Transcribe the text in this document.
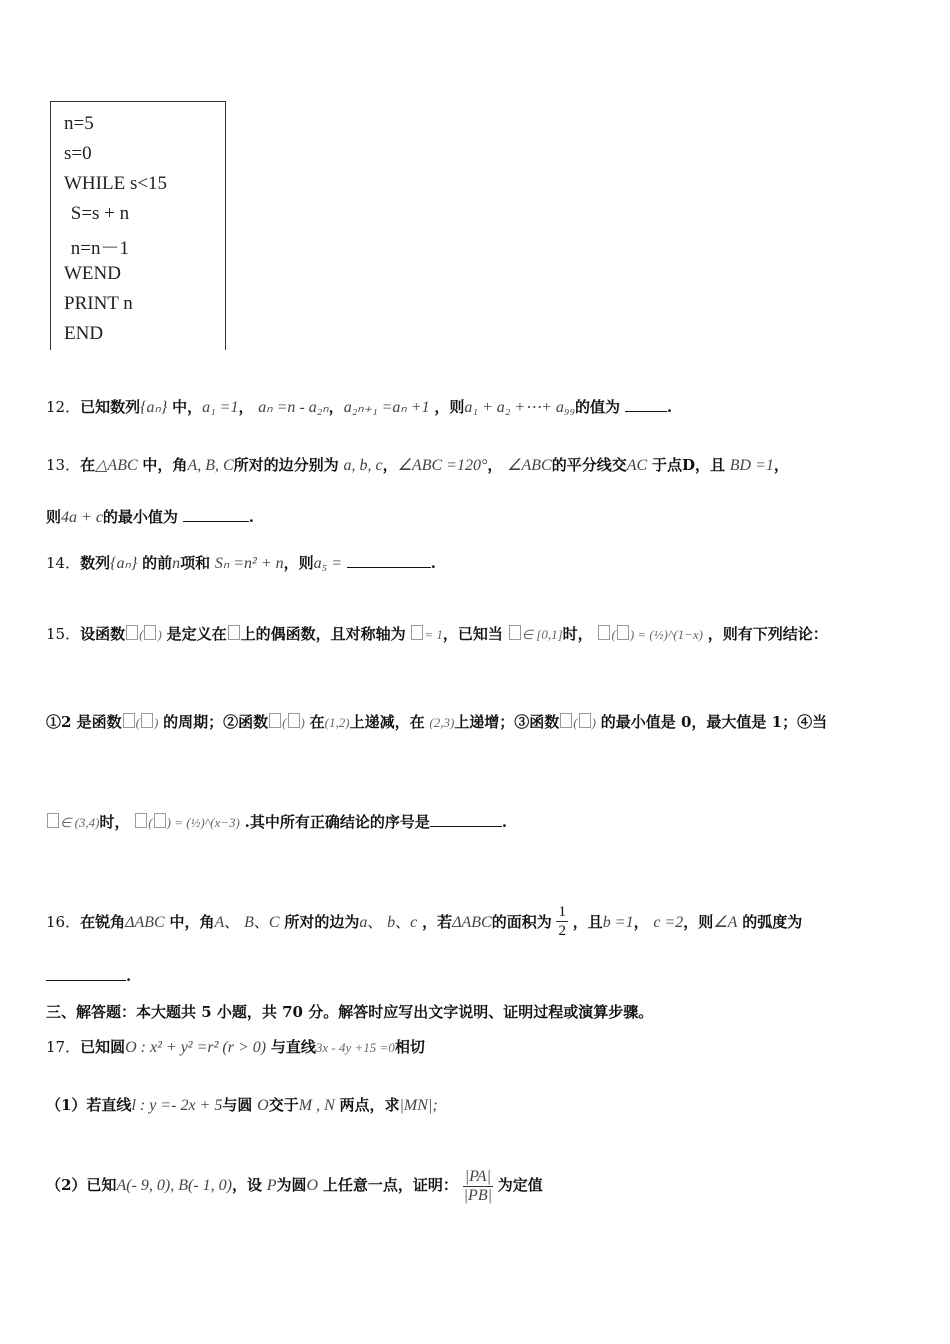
n=5
s=0
WHILE s<15
S=s + n
n=n－1
WEND
PRINT n
END
12．已知数列{aₙ} 中，a₁ =1， aₙ =n - a₂ₙ，a₂ₙ₊₁ =aₙ +1 ，则a₁ + a₂ +⋯+ a₉₉的值为	.
13．在△ABC 中，角A, B, C所对的边分别为 a, b, c，∠ABC =120°， ∠ABC的平分线交AC 于点D，且 BD =1，
则4a + c的最小值为	.
14．数列{aₙ} 的前n项和 Sₙ =n² + n，则a₅ =	.
15．设函数 ( ) 是定义在 上的偶函数，且对称轴为 = 1，已知当 ∈ [0,1]时， ( ) = (½)^(1−x) ，则有下列结论：
①2 是函数 ( ) 的周期；②函数 ( ) 在(1,2)上递减，在 (2,3)上递增；③函数 ( ) 的最小值是 0，最大值是 1；④当
∈ (3,4)时， ( ) = (½)^(x−3) .其中所有正确结论的序号是	.
16．在锐角ΔABC 中，角A、 B、C 所对的边为a、 b、c ，若ΔABC的面积为 $\frac{1}{2}$ ，且b =1， c =2，则∠A 的弧度为
.
三、解答题：本大题共 5 小题，共 70 分。解答时应写出文字说明、证明过程或演算步骤。
17．已知圆O : x² + y² =r² (r > 0) 与直线3x - 4y +15 =0相切
（1）若直线l : y =- 2x + 5与圆 O交于M , N 两点，求|MN|;
（2）已知A(- 9, 0), B(- 1, 0)，设 P为圆O 上任意一点，证明： $\frac{|PA|}{|PB|}$ 为定值
